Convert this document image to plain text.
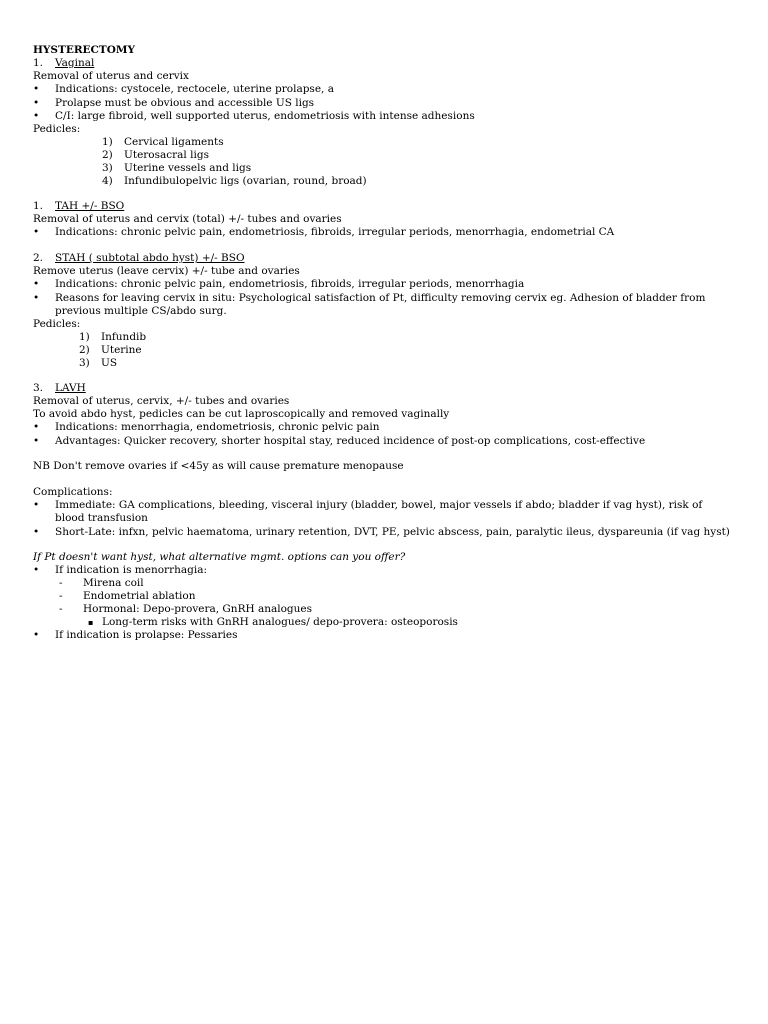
HYSTERECTOMY
1. Vaginal
Removal of uterus and cervix
• Indications: cystocele, rectocele, uterine prolapse, a
• Prolapse must be obvious and accessible US ligs
• C/I: large fibroid, well supported uterus, endometriosis with intense adhesions
Pedicles:
1) Cervical ligaments
2) Uterosacral ligs
3) Uterine vessels and ligs
4) Infundibulopelvic ligs (ovarian, round, broad)
1. TAH +/- BSO
Removal of uterus and cervix (total) +/- tubes and ovaries
• Indications: chronic pelvic pain, endometriosis, fibroids, irregular periods, menorrhagia, endometrial CA
2. STAH ( subtotal abdo hyst) +/- BSO
Remove uterus (leave cervix) +/- tube and ovaries
• Indications: chronic pelvic pain, endometriosis, fibroids, irregular periods, menorrhagia
• Reasons for leaving cervix in situ: Psychological satisfaction of Pt, difficulty removing cervix eg. Adhesion of bladder from previous multiple CS/abdo surg.
Pedicles:
1) Infundib
2) Uterine
3) US
3. LAVH
Removal of uterus, cervix, +/- tubes and ovaries
To avoid abdo hyst, pedicles can be cut laproscopically and removed vaginally
• Indications: menorrhagia, endometriosis, chronic pelvic pain
• Advantages: Quicker recovery, shorter hospital stay, reduced incidence of post-op complications, cost-effective
NB Don't remove ovaries if <45y as will cause premature menopause
Complications:
• Immediate: GA complications, bleeding, visceral injury (bladder, bowel, major vessels if abdo; bladder if vag hyst), risk of blood transfusion
• Short-Late: infxn, pelvic haematoma, urinary retention, DVT, PE, pelvic abscess, pain, paralytic ileus, dyspareunia (if vag hyst)
If Pt doesn't want hyst, what alternative mgmt. options can you offer?
• If indication is menorrhagia:
- Mirena coil
- Endometrial ablation
- Hormonal: Depo-provera, GnRH analogues
▪ Long-term risks with GnRH analogues/ depo-provera: osteoporosis
• If indication is prolapse: Pessaries
